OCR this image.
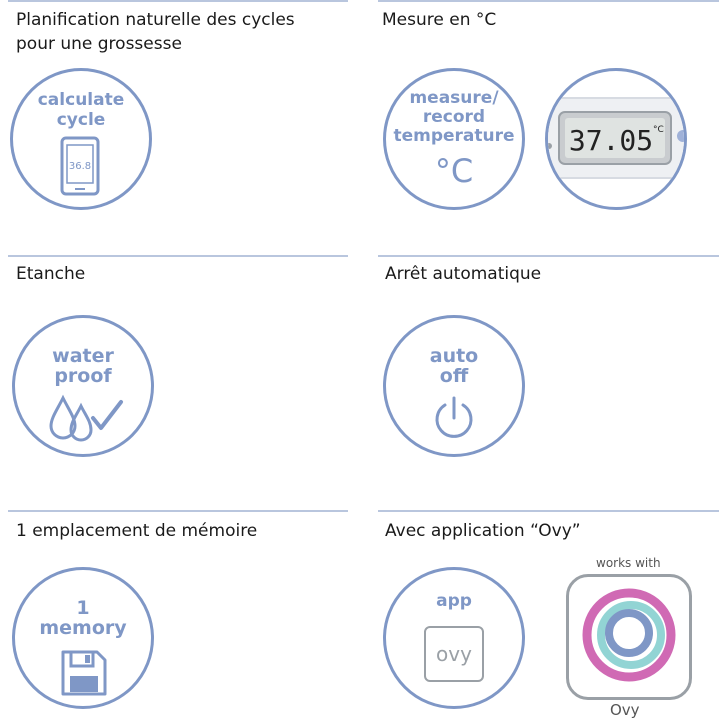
Planification naturelle des cycles
pour une grossesse
calculate
cycle
36.8
Mesure en °C
measure/
record
temperature
°C
37.05 °C
Etanche
water
proof
Arrêt automatique
auto
off
1 emplacement de mémoire
1
memory
Avec application “Ovy”
app
ovy
works with
Ovy
